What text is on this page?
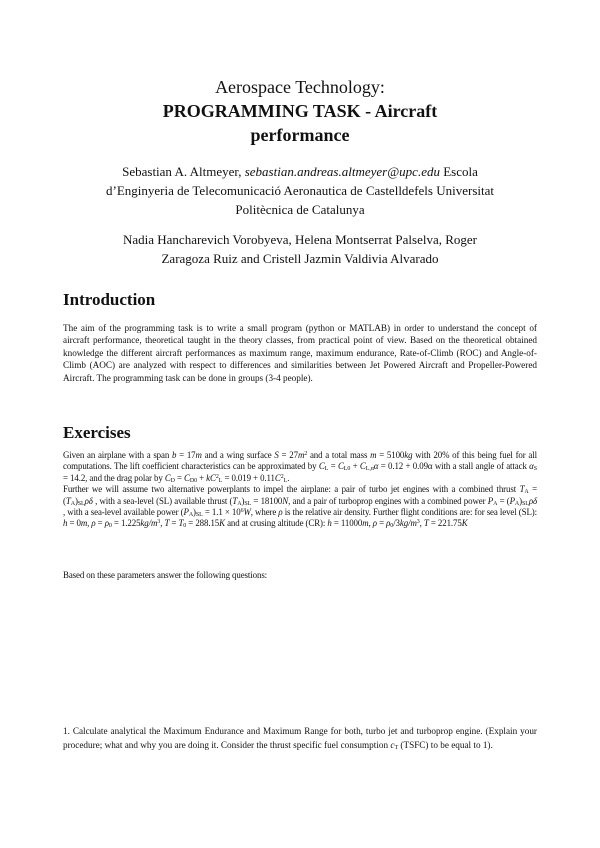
Aerospace Technology:
PROGRAMMING TASK - Aircraft
performance
Sebastian A. Altmeyer, sebastian.andreas.altmeyer@upc.edu Escola d’Enginyeria de Telecomunicació Aeronautica de Castelldefels Universitat Politècnica de Catalunya
Nadia Hancharevich Vorobyeva, Helena Montserrat Palselva, Roger
Zaragoza Ruiz and Cristell Jazmin Valdivia Alvarado
Introduction
The aim of the programming task is to write a small program (python or MATLAB) in order to understand the concept of aircraft performance, theoretical taught in the theory classes, from practical point of view. Based on the theoretical obtained knowledge the different aircraft performances as maximum range, maximum endurance, Rate-of-Climb (ROC) and Angle-of-Climb (AOC) are analyzed with respect to differences and similarities between Jet Powered Aircraft and Propeller-Powered Aircraft. The programming task can be done in groups (3-4 people).
Exercises

Given an airplane with a span b = 17m and a wing surface $S = 27m^2$ and a total mass m = 5100kg with 20% of this being fuel for all computations. The lift coefficient characteristics can be approximated by $C_L = C_{L0} + C_{L,\alpha}\alpha = 0.12 + 0.09\alpha$ with a stall angle of attack $\alpha_S = 14.2$, and the drag polar by $C_D = C_{D0} + kC^2_L = 0.019 + 0.11C^2_L$.

Further we will assume two alternative powerplants to impel the airplane: a pair of turbo jet engines with a combined thrust $T_A = (T_A)_{SL}\rho\delta$ , with a sea-level (SL) available thrust $(T_A)_{SL} = 18100N$, and a pair of turboprop engines with a combined power $P_A = (P_A)_{SL}\rho\delta$ , with a sea-level available power $(P_A)_{SL} = 1.1 \times 10^6W$, where ρ is the relative air density. Further flight conditions are: for sea level (SL): h = 0m, $\rho = \rho_0 = 1.225kg/m^3$, $T = T_0 = 288.15K$ and at crusing altitude (CR): h = 11000m, $\rho = \rho_0/3kg/m^3$, T = 221.75K

Based on these parameters answer the following questions:
1. Calculate analytical the Maximum Endurance and Maximum Range for both, turbo jet and turboprop engine. (Explain your procedure; what and why you are doing it. Consider the thrust specific fuel consumption $c_T$ (TSFC) to be equal to 1).
